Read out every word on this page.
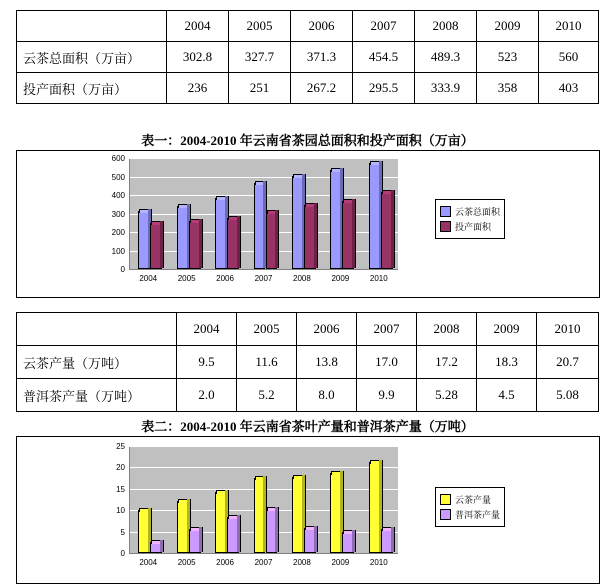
	2004	2005	2006	2007	2008	2009	2010
云茶总面积（万亩）	302.8	327.7	371.3	454.5	489.3	523	560
投产面积（万亩）	236	251	267.2	295.5	333.9	358	403
表一：2004-2010 年云南省茶园总面积和投产面积（万亩）
云茶总面积
投产面积
0
100
200
300
400
500
600
2004	2005	2006	2007	2008	2009	2010
	2004	2005	2006	2007	2008	2009	2010
云茶产量（万吨）	9.5	11.6	13.8	17.0	17.2	18.3	20.7
普洱茶产量（万吨）	2.0	5.2	8.0	9.9	5.28	4.5	5.08
表二：2004-2010 年云南省茶叶产量和普洱茶产量（万吨）
云茶产量
普洱茶产量
0
5
10
15
20
25
2004	2005	2006	2007	2008	2009	2010
